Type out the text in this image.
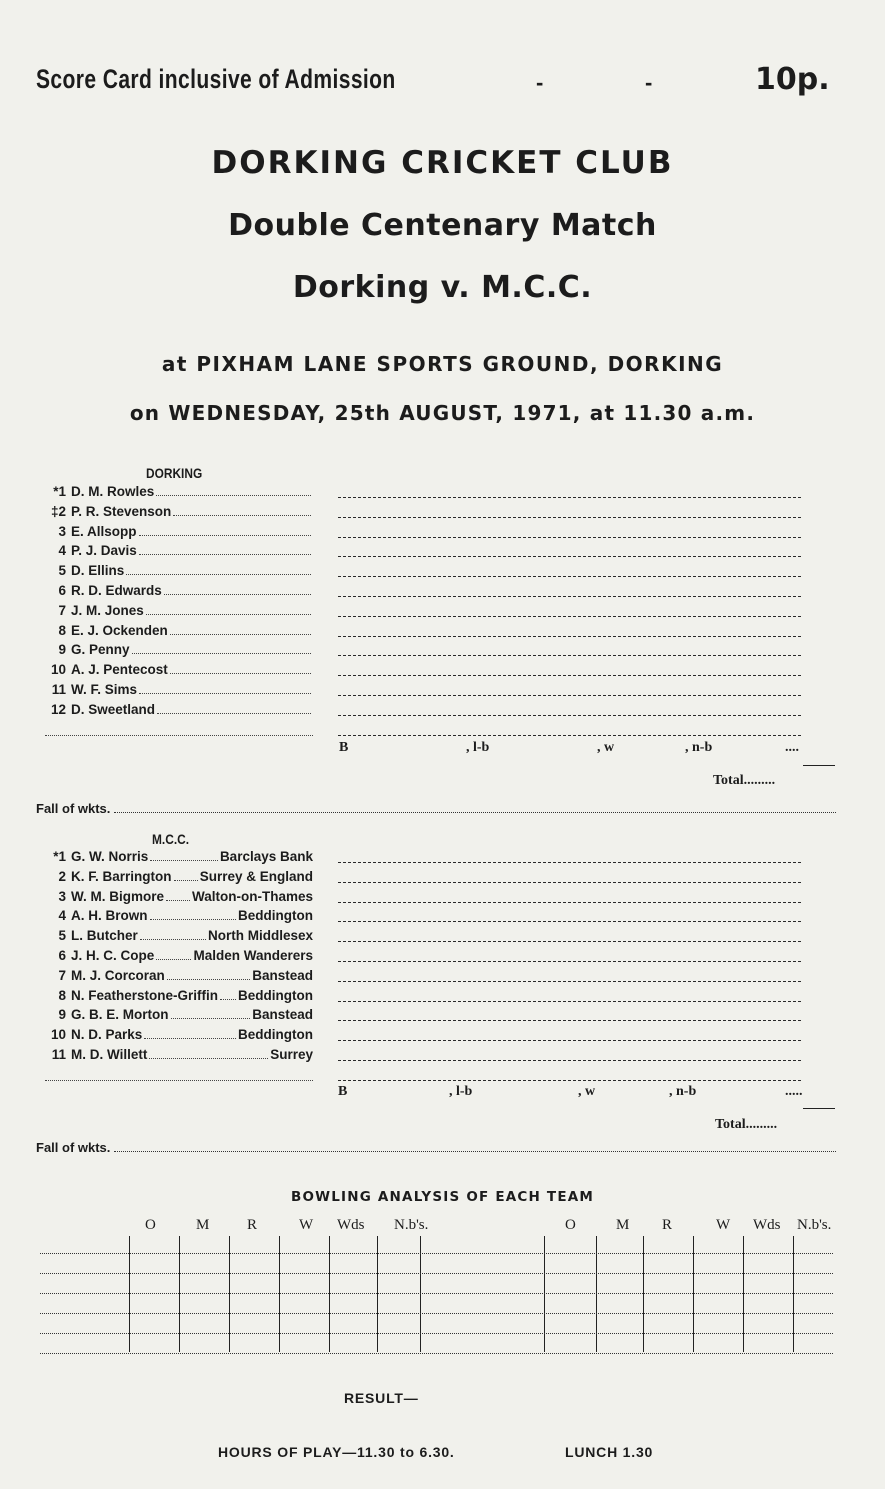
Score Card inclusive of Admission	-	-	10p.
DORKING CRICKET CLUB
Double Centenary Match
Dorking v. M.C.C.
at PIXHAM LANE SPORTS GROUND, DORKING
on WEDNESDAY, 25th AUGUST, 1971, at 11.30 a.m.
DORKING
*1 D. M. Rowles
‡2 P. R. Stevenson
3 E. Allsopp
4 P. J. Davis
5 D. Ellins
6 R. D. Edwards
7 J. M. Jones
8 E. J. Ockenden
9 G. Penny
10 A. J. Pentecost
11 W. F. Sims
12 D. Sweetland
B	, l-b	, w	, n-b	....
Total.........
Fall of wkts.
M.C.C.
*1 G. W. Norris	Barclays Bank
2 K. F. Barrington Surrey & England
3 W. M. Bigmore Walton-on-Thames
4 A. H. Brown	Beddington
5 L. Butcher	North Middlesex
6 J. H. C. Cope	Malden Wanderers
7 M. J. Corcoran	Banstead
8 N. Featherstone-Griffin Beddington
9 G. B. E. Morton	Banstead
10 N. D. Parks	Beddington
11 M. D. Willett	Surrey
B	, l-b	, w	, n-b	.....
Total.........
Fall of wkts.
BOWLING ANALYSIS OF EACH TEAM
O	M	R	W Wds N.b's.	O	M R	W Wds N.b's.
RESULT—
HOURS OF PLAY—11.30 to 6.30.	LUNCH 1.30
